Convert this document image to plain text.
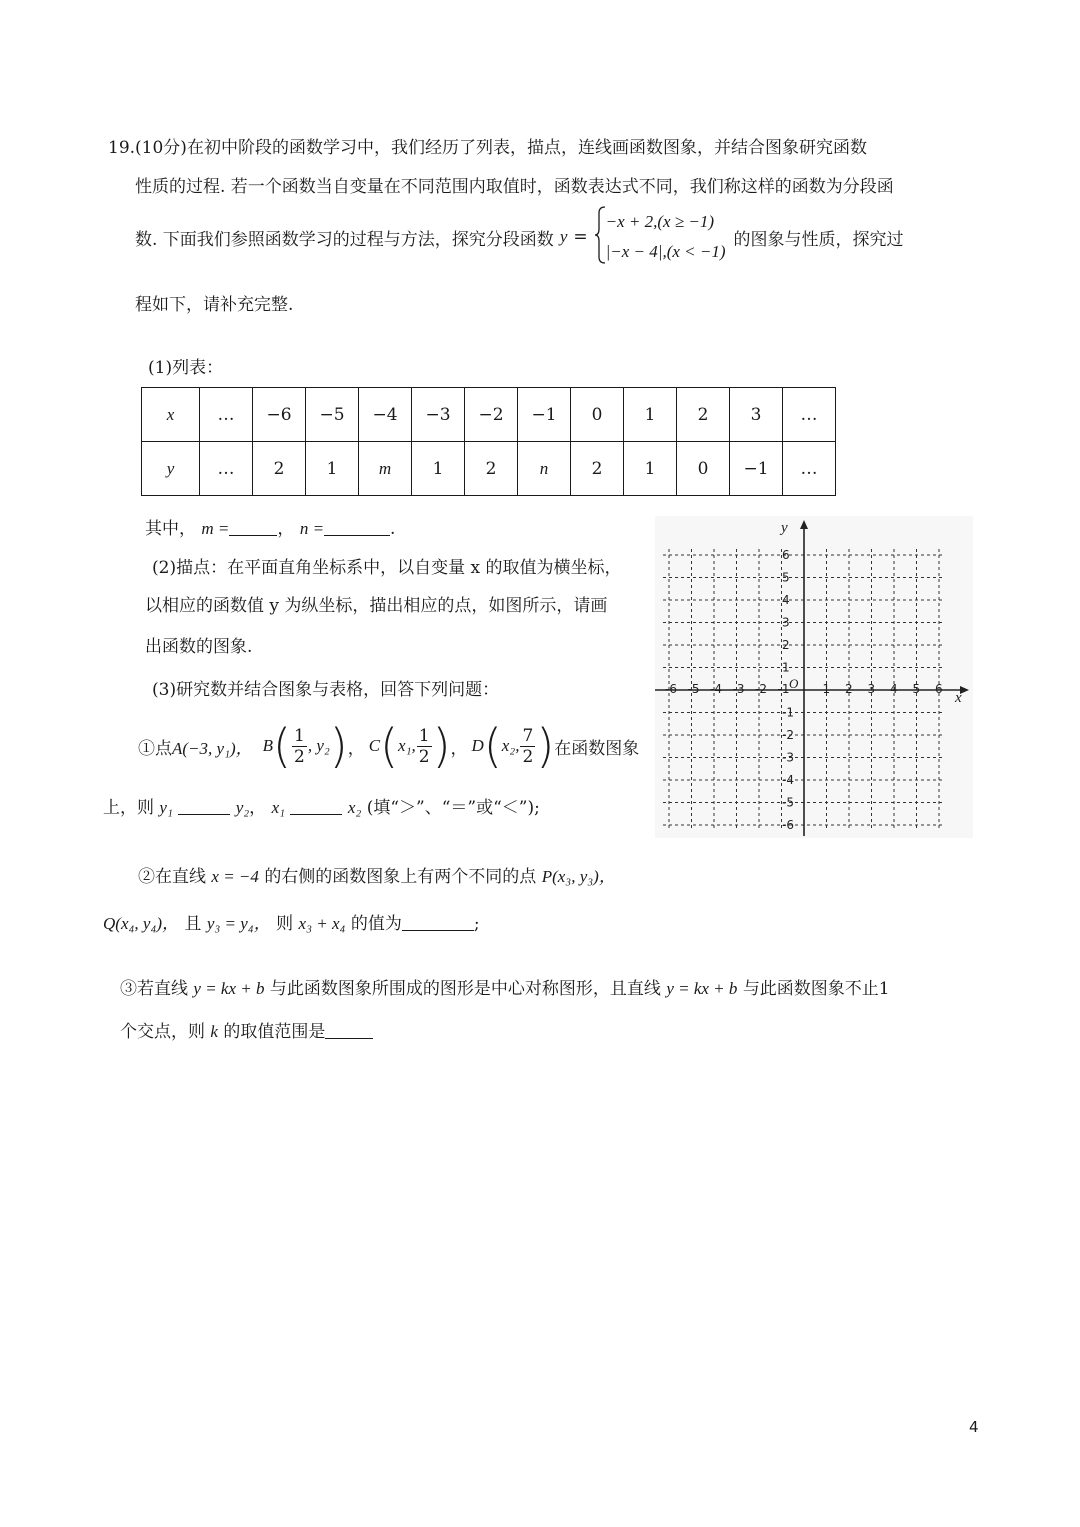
19.(10分)在初中阶段的函数学习中，我们经历了列表，描点，连线画函数图象，并结合图象研究函数
性质的过程. 若一个函数当自变量在不同范围内取值时，函数表达式不同，我们称这样的函数为分段函
数. 下面我们参照函数学习的过程与方法，探究分段函数 y =
−x + 2,(x ≥ −1)
|−x − 4|,(x < −1)
的图象与性质，探究过
程如下，请补充完整.
(1)列表：
x	…	−6	−5	−4	−3	−2	−1	0	1	2	3	…
y	…	2	1	m	1	2	n	2	1	0	−1	…
其中， m =	， n =	.
(2)描点：在平面直角坐标系中，以自变量 x 的取值为横坐标，
以相应的函数值 y 为纵坐标，描出相应的点，如图所示，请画
出函数的图象.
(3)研究数并结合图象与表格，回答下列问题：
①点 A(−3, y₁)， B ( $\frac{1}{2}$ , y₂ ) ， C ( x₁, $\frac{1}{2}$ ) ， D ( x₂, $\frac{7}{2}$ ) 在函数图象
上，则 y₁	y₂， x₁	x₂ (填“＞”、“＝”或“＜”);
②在直线 x = −4 的右侧的函数图象上有两个不同的点 P(x₃, y₃)，
Q(x₄, y₄)， 且 y₃ = y₄， 则 x₃ + x₄ 的值为	;
③若直线 y = kx + b 与此函数图象所围成的图形是中心对称图形，且直线 y = kx + b 与此函数图象不止1
个交点，则 k 的取值范围是
x
y
O
-6 -5 -4 -3 -2 -1	1 2 3 4 5 6
6
5
4
3
2
1
-1
-2
-3
-4
-5
-6
4
